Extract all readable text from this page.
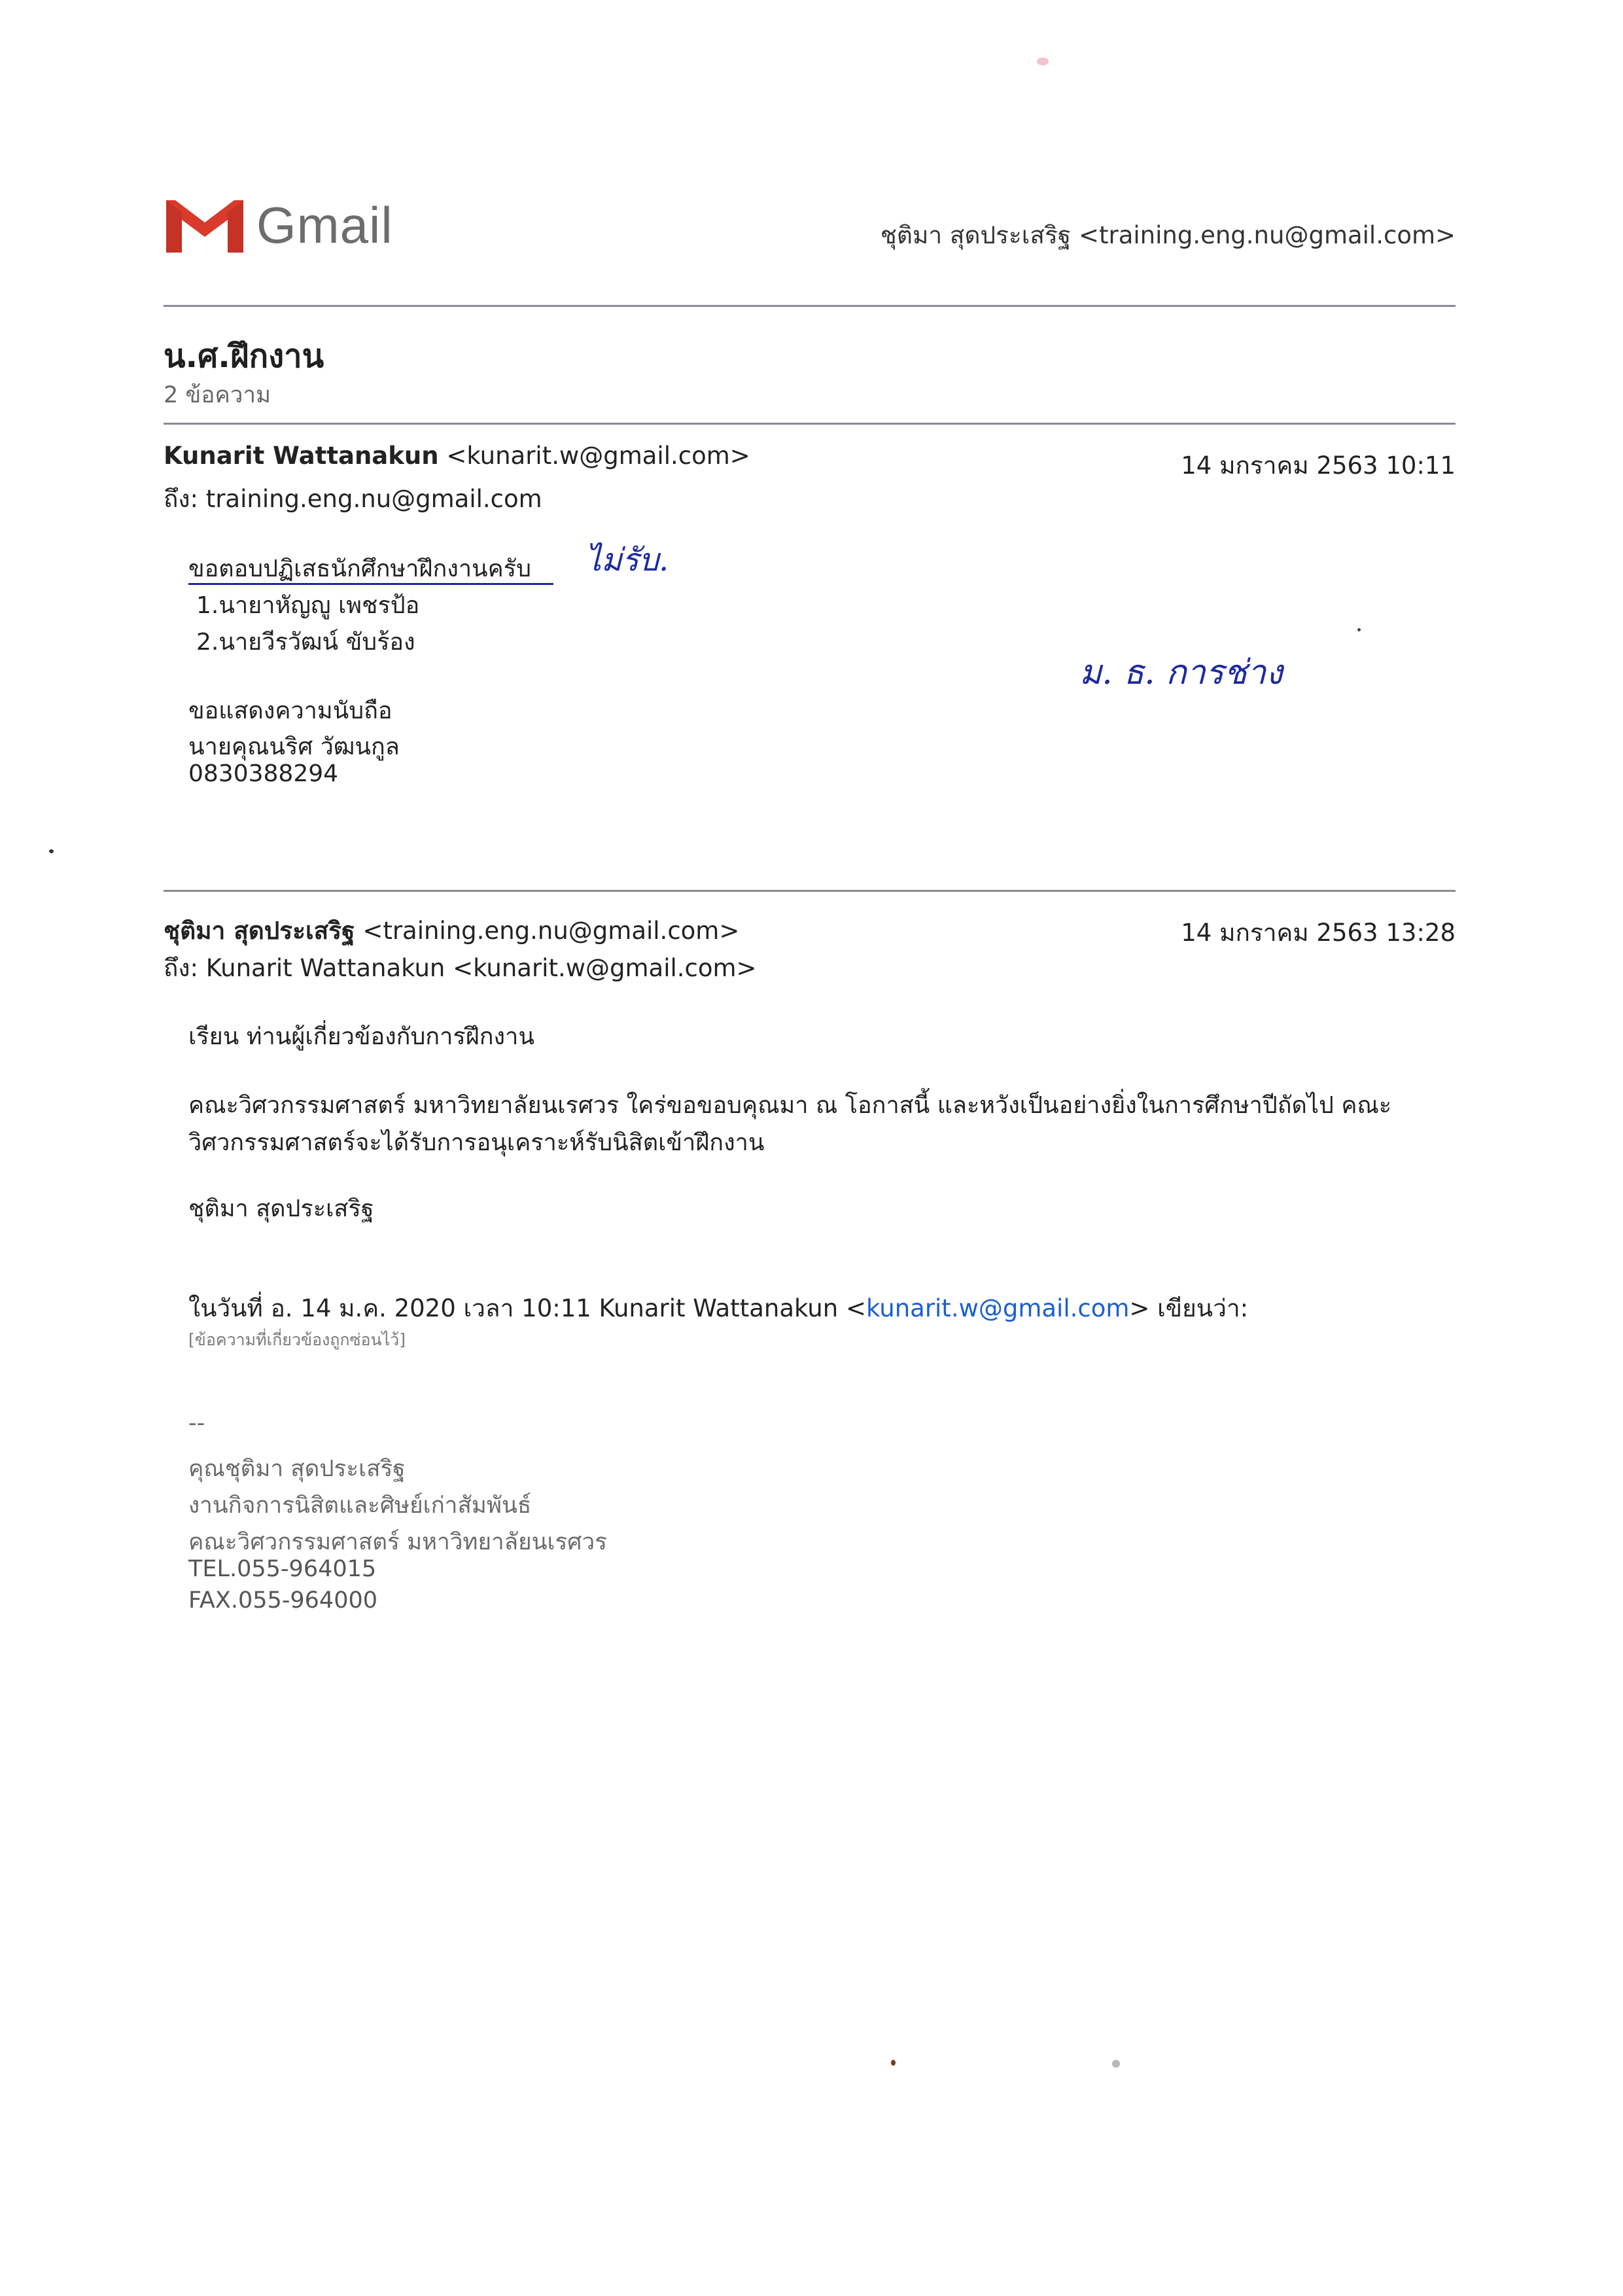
Gmail	ชุติมา สุดประเสริฐ <training.eng.nu@gmail.com>
น.ศ.ฝึกงาน
2 ข้อความ
Kunarit Wattanakun <kunarit.w@gmail.com>	14 มกราคม 2563 10:11
ถึง: training.eng.nu@gmail.com
ขอตอบปฏิเสธนักศึกษาฝึกงานครับ
1.นายาหัญญู เพชรป้อ
2.นายวีรวัฒน์ ขับร้อง
ขอแสดงความนับถือ
นายคุณนริศ วัฒนกูล
0830388294
ไม่รับ.
ม. ธ. การช่าง
ชุติมา สุดประเสริฐ <training.eng.nu@gmail.com>	14 มกราคม 2563 13:28
ถึง: Kunarit Wattanakun <kunarit.w@gmail.com>
เรียน ท่านผู้เกี่ยวข้องกับการฝึกงาน
คณะวิศวกรรมศาสตร์ มหาวิทยาลัยนเรศวร ใคร่ขอขอบคุณมา ณ โอกาสนี้ และหวังเป็นอย่างยิ่งในการศึกษาปีถัดไป คณะ
วิศวกรรมศาสตร์จะได้รับการอนุเคราะห์รับนิสิตเข้าฝึกงาน
ชุติมา สุดประเสริฐ
ในวันที่ อ. 14 ม.ค. 2020 เวลา 10:11 Kunarit Wattanakun <kunarit.w@gmail.com> เขียนว่า:
[ข้อความที่เกี่ยวข้องถูกซ่อนไว้]
--
คุณชุติมา สุดประเสริฐ
งานกิจการนิสิตและศิษย์เก่าสัมพันธ์
คณะวิศวกรรมศาสตร์ มหาวิทยาลัยนเรศวร
TEL.055-964015
FAX.055-964000
